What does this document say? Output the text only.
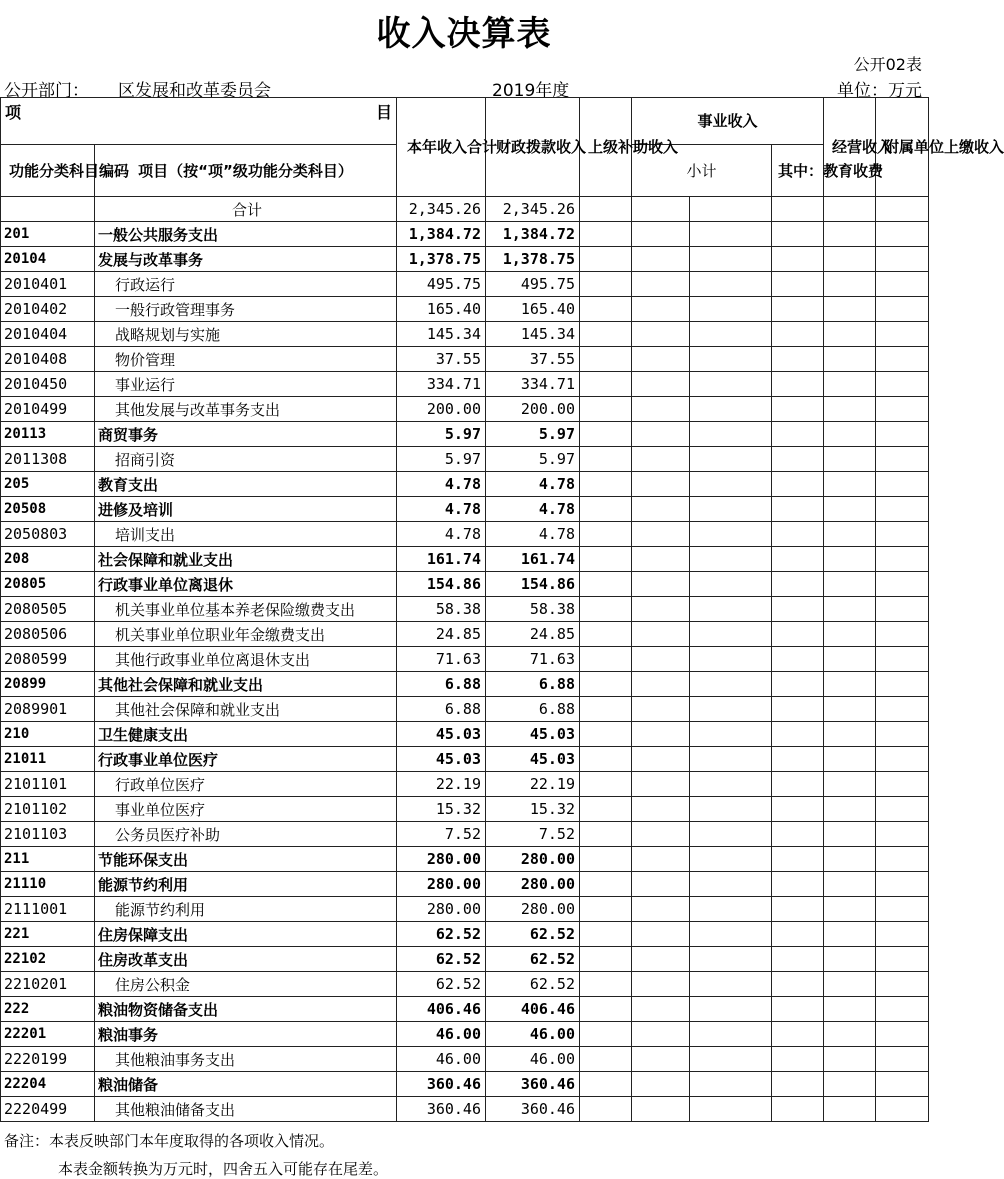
收入决算表
公开02表
公开部门： 区发展和改革委员会	2019年度	单位：万元
项 目		本年收入合计	财政拨款收入	上级补助收入	事业收入			经营收入	附属单位上缴收入	
功能分类科目编码	项目（按“项”级功能分类科目）				小计		其中：教育收费			

	合计	2,345.26	2,345.26							
201	一般公共服务支出	1,384.72	1,384.72							
20104	发展与改革事务	1,378.75	1,378.75							
2010401	行政运行	495.75	495.75							
2010402	一般行政管理事务	165.40	165.40							
2010404	战略规划与实施	145.34	145.34							
2010408	物价管理	37.55	37.55							
2010450	事业运行	334.71	334.71							
2010499	其他发展与改革事务支出	200.00	200.00							
20113	商贸事务	5.97	5.97							
2011308	招商引资	5.97	5.97							
205	教育支出	4.78	4.78							
20508	进修及培训	4.78	4.78							
2050803	培训支出	4.78	4.78							
208	社会保障和就业支出	161.74	161.74							
20805	行政事业单位离退休	154.86	154.86							
2080505	机关事业单位基本养老保险缴费支出	58.38	58.38							
2080506	机关事业单位职业年金缴费支出	24.85	24.85							
2080599	其他行政事业单位离退休支出	71.63	71.63							
20899	其他社会保障和就业支出	6.88	6.88							
2089901	其他社会保障和就业支出	6.88	6.88							
210	卫生健康支出	45.03	45.03							
21011	行政事业单位医疗	45.03	45.03							
2101101	行政单位医疗	22.19	22.19							
2101102	事业单位医疗	15.32	15.32							
2101103	公务员医疗补助	7.52	7.52							
211	节能环保支出	280.00	280.00							
21110	能源节约利用	280.00	280.00							
2111001	能源节约利用	280.00	280.00							
221	住房保障支出	62.52	62.52							
22102	住房改革支出	62.52	62.52							
2210201	住房公积金	62.52	62.52							
222	粮油物资储备支出	406.46	406.46							
22201	粮油事务	46.00	46.00							
2220199	其他粮油事务支出	46.00	46.00							
22204	粮油储备	360.46	360.46							
2220499	其他粮油储备支出	360.46	360.46							
备注：本表反映部门本年度取得的各项收入情况。
本表金额转换为万元时，四舍五入可能存在尾差。
